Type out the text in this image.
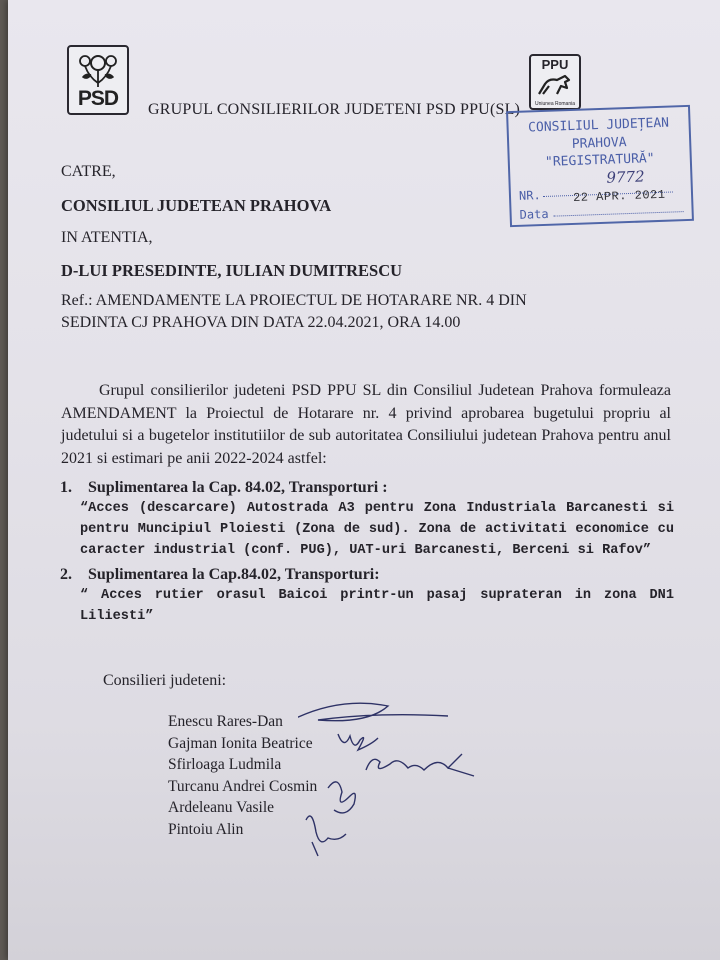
PSD
PPU
Uniunea Romania
GRUPUL CONSILIERILOR JUDETENI PSD PPU(SL)
CONSILIUL JUDEȚEAN
PRAHOVA
"REGISTRATURĂ"
9772
NR.	22 APR. 2021
Data
CATRE,
CONSILIUL JUDETEAN PRAHOVA
IN ATENTIA,
D-LUI PRESEDINTE, IULIAN DUMITRESCU
Ref.: AMENDAMENTE LA PROIECTUL DE HOTARARE NR. 4 DIN
SEDINTA CJ PRAHOVA DIN DATA 22.04.2021, ORA 14.00
Grupul consilierilor judeteni PSD PPU SL din Consiliul Judetean Prahova formuleaza AMENDAMENT la Proiectul de Hotarare nr. 4 privind aprobarea bugetului propriu al judetului si a bugetelor institutiilor de sub autoritatea Consiliului judetean Prahova pentru anul 2021 si estimari pe anii 2022-2024 astfel:
1. Suplimentarea la Cap. 84.02, Transporturi :
“Acces (descarcare) Autostrada A3 pentru Zona Industriala Barcanesti si pentru Muncipiul Ploiesti (Zona de sud). Zona de activitati economice cu caracter industrial (conf. PUG), UAT-uri Barcanesti, Berceni si Rafov”
2. Suplimentarea la Cap.84.02, Transporturi:
“ Acces rutier orasul Baicoi printr-un pasaj suprateran in zona DN1 Liliesti”
Consilieri judeteni:
Enescu Rares-Dan
Gajman Ionita Beatrice
Sfirloaga Ludmila
Turcanu Andrei Cosmin
Ardeleanu Vasile
Pintoiu Alin
